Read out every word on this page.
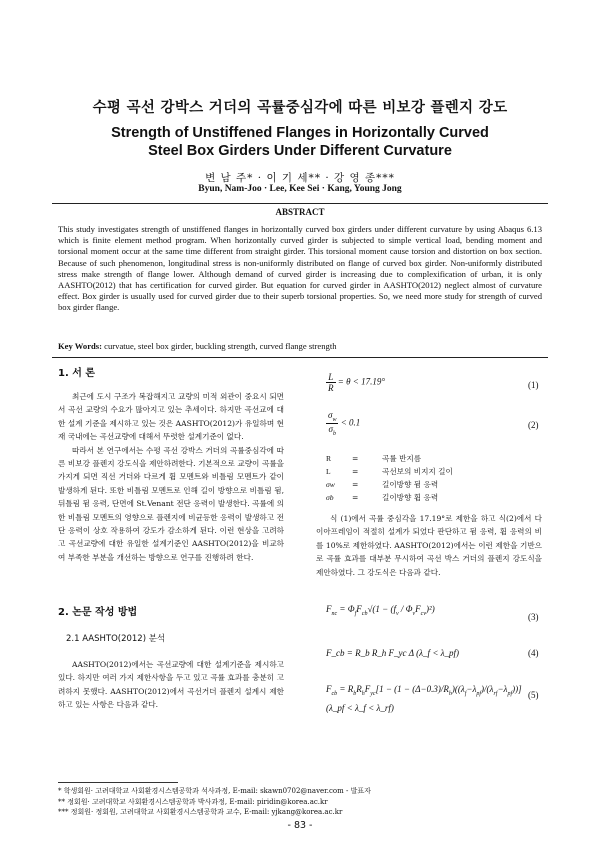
수평 곡선 강박스 거더의 곡률중심각에 따른 비보강 플렌지 강도
Strength of Unstiffened Flanges in Horizontally Curved
Steel Box Girders Under Different Curvature
변 남 주* · 이 기 세** · 강 영 종***
Byun, Nam-Joo · Lee, Kee Sei · Kang, Young Jong
ABSTRACT
This study investigates strength of unstiffened flanges in horizontally curved box girders under different curvature by using Abaqus 6.13 which is finite element method program. When horizontally curved girder is subjected to simple vertical load, bending moment and torsional moment occur at the same time different from straight girder. This torsional moment cause torsion and distortion on box section. Because of such phenomenon, longitudinal stress is non-uniformly distributed on flange of curved box girder. Non-uniformly distributed stress make strength of flange lower. Although demand of curved girder is increasing due to complexification of urban, it is only AASHTO(2012) that has certification for curved girder. But equation for curved girder in AASHTO(2012) neglect almost of curvature effect. Box girder is usually used for curved girder due to their superb torsional properties. So, we need more study for strength of curved box girder flange.
Key Words: curvatue, steel box girder, buckling strength, curved flange strength
1. 서 론

최근에 도시 구조가 복잡해지고 교량의 미적 외관이 중요시 되면서 곡선 교량의 수요가 많아지고 있는 추세이다. 하지만 곡선교에 대한 설계 기준을 제시하고 있는 것은 AASHTO(2012)가 유일하며 현재 국내에는 곡선교량에 대해서 뚜렷한 설계기준이 없다.

따라서 본 연구에서는 수평 곡선 강박스 거더의 곡률중심각에 따른 비보강 플렌지 강도식을 제안하려한다. 기본적으로 교량이 곡률을 가지게 되면 직선 거더와 다르게 휨 모멘트와 비틀림 모멘트가 같이 발생하게 된다. 또한 비틀림 모멘트로 인해 길이 방향으로 비틀림 뒴, 뒤틀림 뒴 응력, 단면에 St.Venant 전단 응력이 발생한다. 곡률에 의한 비틀림 모멘트의 영향으로 플렌지에 비균등한 응력이 발생하고 전단 응력이 상호 작용하여 강도가 감소하게 된다. 이런 현상을 고려하고 곡선교량에 대한 유일한 설계기준인 AASHTO(2012)을 비교하여 부족한 부분을 개선하는 방향으로 연구를 진행하려 한다.

2. 논문 작성 방법
2.1 AASHTO(2012) 분석

AASHTO(2012)에서는 곡선교량에 대한 설계기준을 제시하고 있다. 하지만 여러 가지 제한사항을 두고 있고 곡률 효과를 충분히 고려하지 못했다. AASHTO(2012)에서 곡선거더 플렌지 설계시 제한하고 있는 사항은 다음과 같다.

$\frac{L}{R} = \theta < 17.19^\circ$	(1)
$\frac{\sigma_w}{\sigma_b} < 0.1$	(2)
R	=	곡률 반지름
L	=	곡선보의 비지지 길이
σw =	길이방향 뒴 응력
σb =	길이방향 휨 응력

식 (1)에서 곡률 중심각을 17.19°로 제한을 하고 식(2)에서 다이아프레임이 적절히 설계가 되었다 판단하고 뒴 응력, 휨 응력의 비를 10%로 제한하였다. AASHTO(2012)에서는 이런 제한을 기반으로 곡률 효과를 대부분 무시하여 곡선 박스 거더의 플렌지 강도식을 제안하였다. 그 강도식은 다음과 같다.

$F_{nc} = \Phi_fF_{cb}√(1 - (f_v / \Phi_vF_{cv})^2)$
(3)
F_cb = R_b R_h F_yc Δ (λ_f < λ_pf)	(4)
$F_{cb} = R_bR_hF_{yc}[1 - (1 - (\Delta-0.3)/R_h)((\lambda_f-\lambda_{pf})/(\lambda_{rf}-\lambda_{pf}))]$
(λ_pf < λ_f < λ_rf)
(5)
* 학생회원· 고려대학교 사회환경시스템공학과 석사과정, E-mail: skawn0702@naver.com - 발표자
** 정회원· 고려대학교 사회환경시스템공학과 박사과정, E-mail: piridin@korea.ac.kr
*** 정회원· 정회원, 고려대학교 사회환경시스템공학과 교수, E-mail: yjkang@korea.ac.kr
- 83 -
